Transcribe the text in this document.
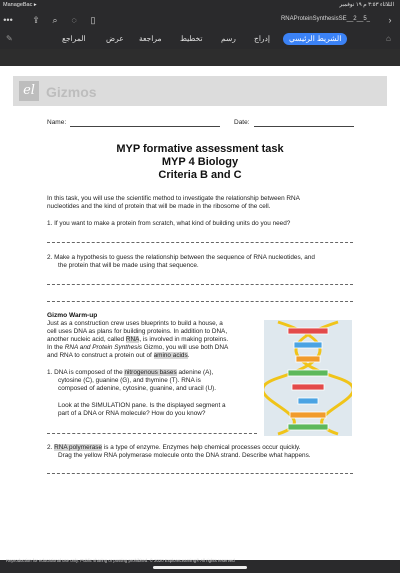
ManageBac ▸	الثلاثاء ٣:٥٣ م ١٩ نوفمبر
••• ⇪	⌕	◌	▯	RNAProteinSynthesisSE__2__5_	›
✎	المراجع	عرض مراجعة تخطيط رسم إدراج	الشريط الرئيسي	⌂
el Gizmos
Name:	Date:
MYP formative assessment task
MYP 4 Biology
Criteria B and C
In this task, you will use the scientific method to investigate the relationship between RNA
nucleotides and the kind of protein that will be made in the ribosome of the cell.
1. If you want to make a protein from scratch, what kind of building units do you need?
2. Make a hypothesis to guess the relationship between the sequence of RNA nucleotides, and
the protein that will be made using that sequence.
Gizmo Warm-up
Just as a construction crew uses blueprints to build a house, a
cell uses DNA as plans for building proteins. In addition to DNA,
another nucleic acid, called RNA, is involved in making proteins.
In the RNA and Protein Synthesis Gizmo, you will use both DNA
and RNA to construct a protein out of amino acids.
1. DNA is composed of the nitrogenous bases adenine (A),
cytosine (C), guanine (G), and thymine (T). RNA is
composed of adenine, cytosine, guanine, and uracil (U).
Look at the SIMULATION pane. Is the displayed segment a
part of a DNA or RNA molecule? How do you know?
2. RNA polymerase is a type of enzyme. Enzymes help chemical processes occur quickly.
Drag the yellow RNA polymerase molecule onto the DNA strand. Describe what happens.
Reproduction for educational use only. Public sharing or posting prohibited. © 2020 ExploreLearning® All rights reserved
